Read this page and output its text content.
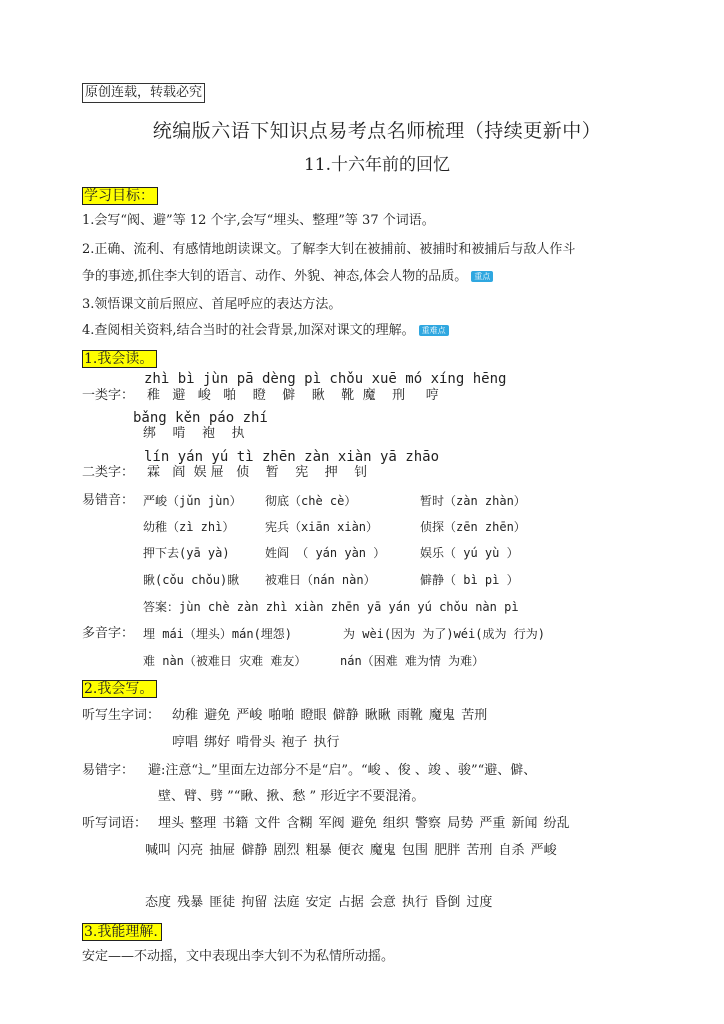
原创连载，转载必究
统编版六语下知识点易考点名师梳理（持续更新中）
11.十六年前的回忆
学习目标：
1.会写“阀、避”等 12 个字,会写“埋头、整理”等 37 个词语。
2.正确、流利、有感情地朗读课文。了解李大钊在被捕前、被捕时和被捕后与敌人作斗
争的事迹,抓住李大钊的语言、动作、外貌、神态,体会人物的品质。 重点
3.领悟课文前后照应、首尾呼应的表达方法。
4.查阅相关资料,结合当时的社会背景,加深对课文的理解。 重难点
1.我会读。
zhì bì jùn pā dèng pì chǒu xuē mó xíng hēng
一类字： 稚   避   峻   啪    瞪    僻    瞅    靴  魔    刑     哼
bǎng kěn páo zhí
绑    啃    袍    执
lín yán yú tì zhēn zàn xiàn yā zhāo
二类字： 霖   阎  娱 屉   侦    暂    宪    押    钊
易错音： 严峻（jǔn jùn） 彻底（chè cè）	暂时（zàn zhàn）
幼稚（zì zhì）	宪兵（xiān xiàn）	侦探（zēn zhēn）
押下去(yā yà)	姓阎 （ yán yàn ）	娱乐（ yú yù ）
瞅(cǒu chǒu)瞅 被难日（nán nàn）	僻静（ bì pì ）
答案：jùn chè zàn zhì xiàn zhēn yā yán yú chǒu nàn pì
多音字： 埋 mái（埋头）mán(埋怨)	为 wèi(因为 为了)wéi(成为 行为)
难 nàn（被难日 灾难 难友）	nán（困难 难为情 为难）
2.我会写。
听写生字词： 幼稚 避免 严峻 啪啪 瞪眼 僻静 瞅瞅 雨靴 魔鬼 苦刑
哼唱 绑好 啃骨头 袍子 执行
易错字： 避:注意“辶”里面左边部分不是“启”。“峻 、俊 、竣 、骏”“避、僻、
壁、臂、劈 ”“瞅、揪、愁 ” 形近字不要混淆。
听写词语： 埋头 整理 书籍 文件 含糊 军阀 避免 组织 警察 局势 严重 新闻 纷乱
喊叫 闪亮 抽屉 僻静 剧烈 粗暴 便衣 魔鬼 包围 肥胖 苦刑 自杀 严峻
态度 残暴 匪徒 拘留 法庭 安定 占据 会意 执行 昏倒 过度
3.我能理解.
安定——不动摇，文中表现出李大钊不为私情所动摇。
